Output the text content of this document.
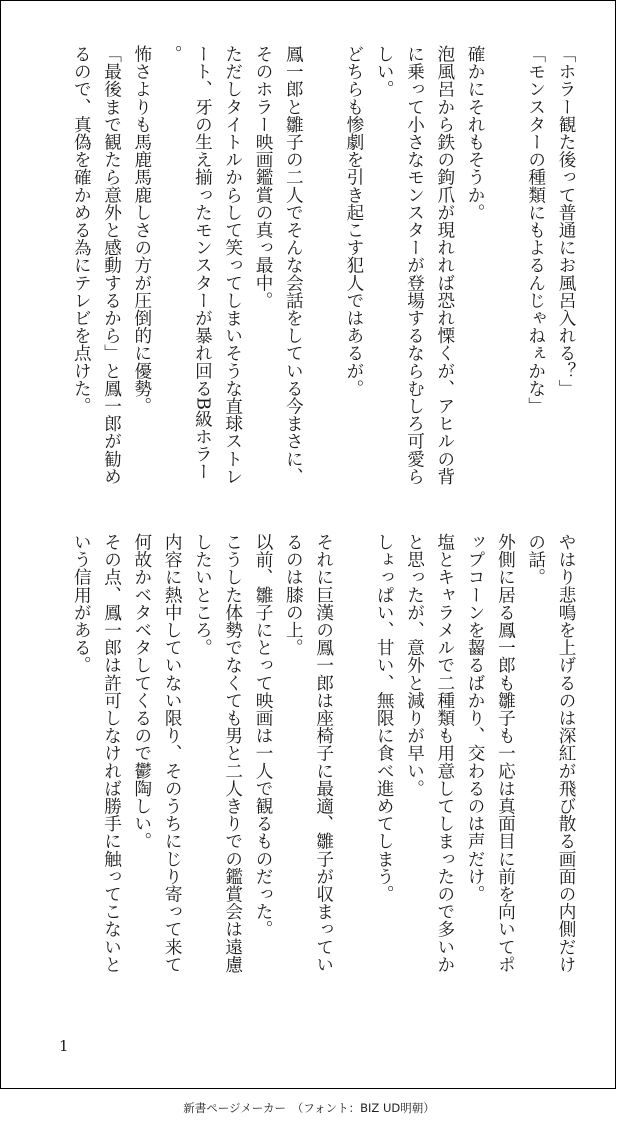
「ホラー観た後って普通にお風呂入れる？」

「モンスターの種類にもよるんじゃねぇかな」

確かにそれもそうか。

泡風呂から鉄の鉤爪が現れれば恐れ慄くが、アヒルの背に乗って小さなモンスターが登場するならむしろ可愛らしい。

どちらも惨劇を引き起こす犯人ではあるが。

鳳一郎と雛子の二人でそんな会話をしている今まさに、そのホラー映画鑑賞の真っ最中。

ただしタイトルからして笑ってしまいそうな直球ストレート、牙の生え揃ったモンスターが暴れ回るB級ホラー。

怖さよりも馬鹿馬鹿しさの方が圧倒的に優勢。

「最後まで観たら意外と感動するから」と鳳一郎が勧めるので、真偽を確かめる為にテレビを点けた。

やはり悲鳴を上げるのは深紅が飛び散る画面の内側だけの話。

外側に居る鳳一郎も雛子も一応は真面目に前を向いてポップコーンを齧るばかり、交わるのは声だけ。

塩とキャラメルで二種類も用意してしまったので多いかと思ったが、意外と減りが早い。

しょっぱい、甘い、無限に食べ進めてしまう。

それに巨漢の鳳一郎は座椅子に最適、雛子が収まっているのは膝の上。

以前、雛子にとって映画は一人で観るものだった。

こうした体勢でなくても男と二人きりでの鑑賞会は遠慮したいところ。

内容に熱中していない限り、そのうちにじり寄って来て何故かベタベタしてくるので鬱陶しい。

その点、鳳一郎は許可しなければ勝手に触ってこないという信用がある。

1
新書ページメーカー　（フォント：BIZ UD明朝）
